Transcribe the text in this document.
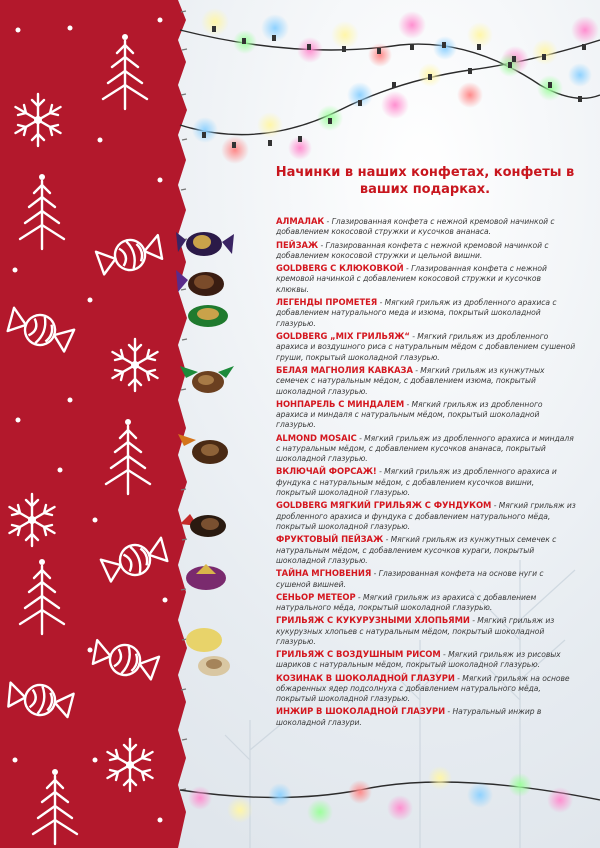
Начинки в наших конфетах, конфеты в ваших подарках.
АЛМАЛАК - Глазированная конфета с нежной кремовой начинкой с добавлением кокосовой стружки и кусочков ананаса.
ПЕЙЗАЖ - Глазированная конфета с нежной кремовой начинкой с добавлением кокосовой стружки и цельной вишни.
GOLDBERG С КЛЮКОВКОЙ - Глазированная конфета с нежной кремовой начинкой с добавлением кокосовой стружки и кусочков клюквы.
ЛЕГЕНДЫ ПРОМЕТЕЯ - Мягкий грильяж из дробленного арахиса с добавлением натурального меда и изюма, покрытый шоколадной глазурью.
GOLDBERG „MIX ГРИЛЬЯЖ“ - Мягкий грильяж из дробленного арахиса и воздушного риса с натуральным мёдом с добавлением сушеной груши, покрытый шоколадной глазурью.
БЕЛАЯ МАГНОЛИЯ КАВКАЗА - Мягкий грильяж из кунжутных семечек с натуральным мёдом, с добавлением изюма, покрытый шоколадной глазурью.
НОНПАРЕЛЬ С МИНДАЛЕМ - Мягкий грильяж из дробленного арахиса и миндаля с натуральным мёдом, покрытый шоколадной глазурью.
ALMOND MOSAIC - Мягкий грильяж из дробленного арахиса и миндаля с натуральным мёдом, с добавлением кусочков ананаса, покрытый шоколадной глазурью.
ВКЛЮЧАЙ ФОРСАЖ! - Мягкий грильяж из дробленного арахиса и фундука с натуральным мёдом, с добавлением кусочков вишни, покрытый шоколадной глазурью.
GOLDBERG МЯГКИЙ ГРИЛЬЯЖ С ФУНДУКОМ - Мягкий грильяж из дробленного арахиса и фундука с добавлением натурального мёда, покрытый шоколадной глазурью.
ФРУКТОВЫЙ ПЕЙЗАЖ - Мягкий грильяж из кунжутных семечек с натуральным мёдом, с добавлением кусочков кураги, покрытый шоколадной глазурью.
ТАЙНА МГНОВЕНИЯ - Глазированная конфета на основе нуги с сушеной вишней.
СЕНЬОР МЕТЕОР - Мягкий грильяж из арахиса с добавлением натурального мёда, покрытый шоколадной глазурью.
ГРИЛЬЯЖ С КУКУРУЗНЫМИ ХЛОПЬЯМИ - Мягкий грильяж из кукурузных хлопьев с натуральным мёдом, покрытый шоколадной глазурью.
ГРИЛЬЯЖ С ВОЗДУШНЫМ РИСОМ - Мягкий грильяж из рисовых шариков с натуральным мёдом, покрытый шоколадной глазурью.
КОЗИНАК В ШОКОЛАДНОЙ ГЛАЗУРИ - Мягкий грильяж на основе обжаренных ядер подсолнуха с добавлением натурального мёда, покрытый шоколадной глазурью.
ИНЖИР В ШОКОЛАДНОЙ ГЛАЗУРИ - Натуральный инжир в шоколадной глазури.
